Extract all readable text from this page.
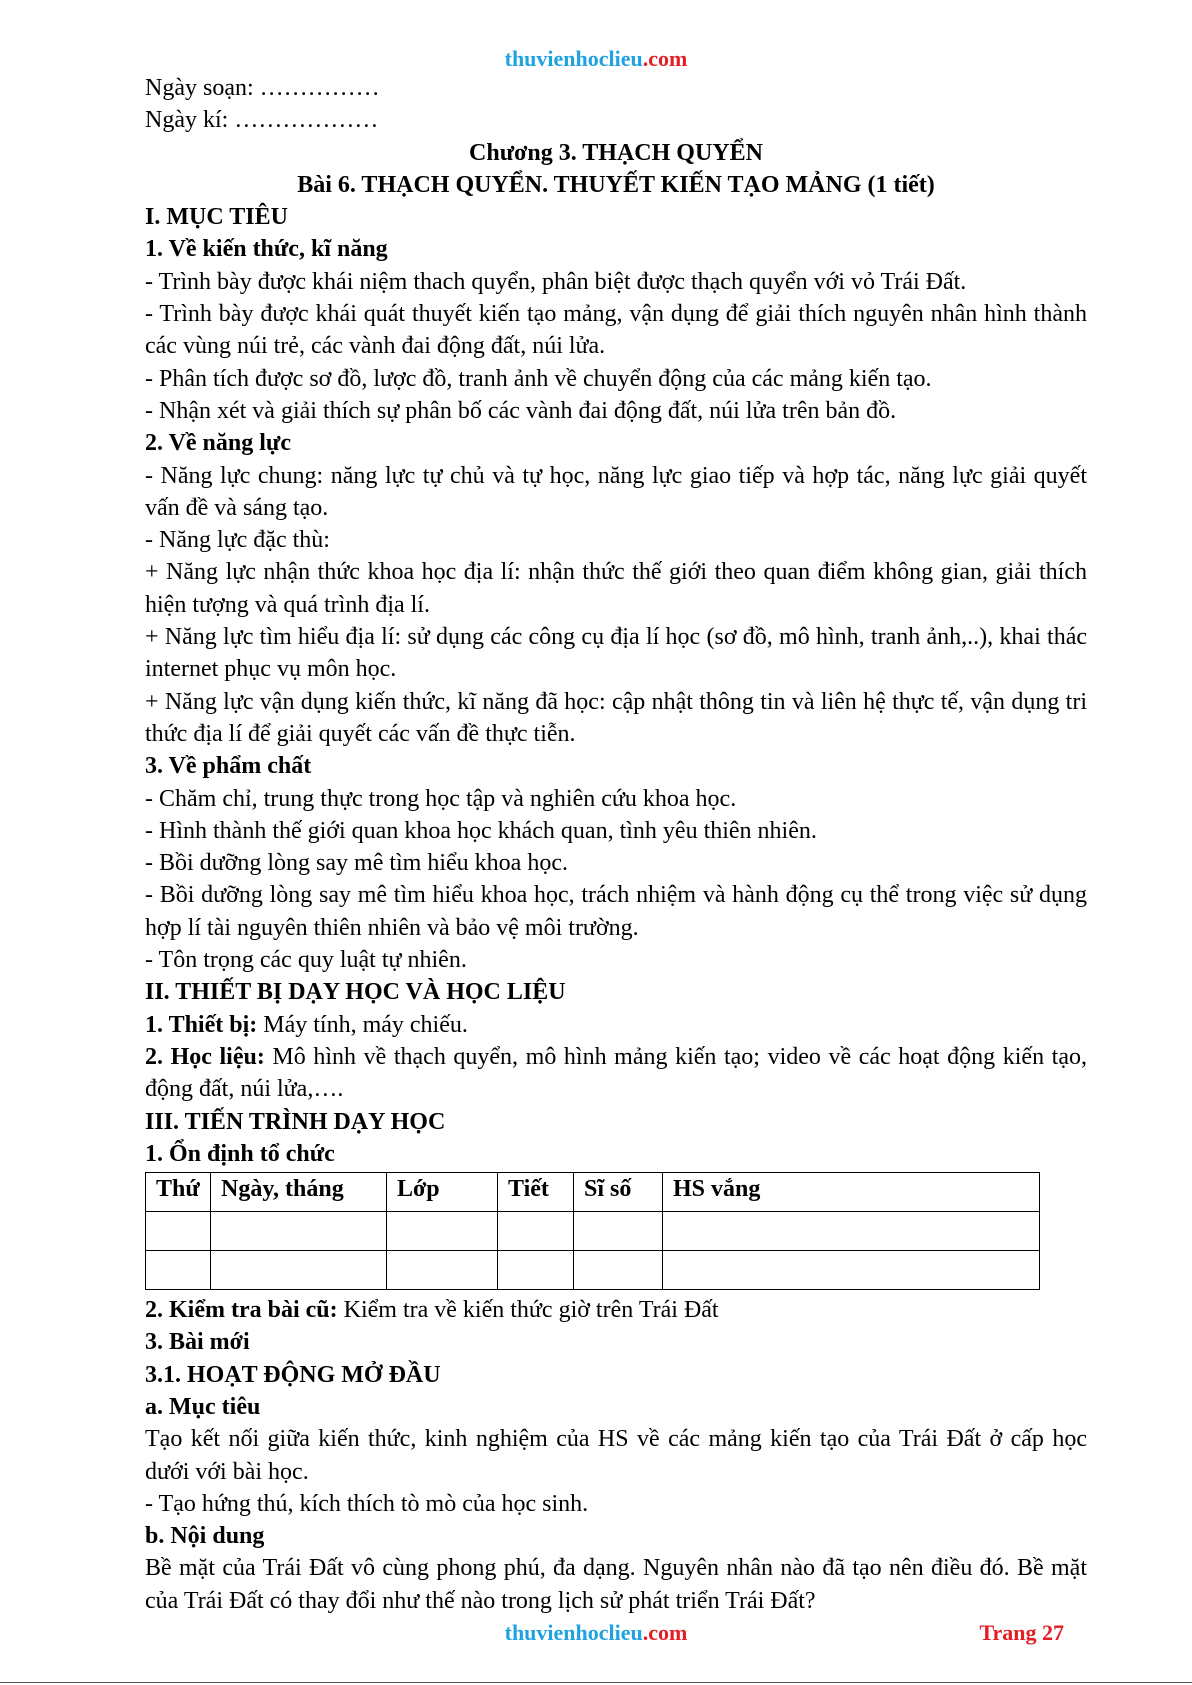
thuvienhoclieu.com

Ngày soạn: ……………

Ngày kí: ………………

Chương 3. THẠCH QUYỂN

Bài 6. THẠCH QUYỂN. THUYẾT KIẾN TẠO MẢNG (1 tiết)

I. MỤC TIÊU

1. Về kiến thức, kĩ năng

- Trình bày được khái niệm thach quyển, phân biệt được thạch quyển với vỏ Trái Đất.

- Trình bày được khái quát thuyết kiến tạo mảng, vận dụng để giải thích nguyên nhân hình thành các vùng núi trẻ, các vành đai động đất, núi lửa.

- Phân tích được sơ đồ, lược đồ, tranh ảnh về chuyển động của các mảng kiến tạo.

- Nhận xét và giải thích sự phân bố các vành đai động đất, núi lửa trên bản đồ.

2. Về năng lực

- Năng lực chung: năng lực tự chủ và tự học, năng lực giao tiếp và hợp tác, năng lực giải quyết vấn đề và sáng tạo.

- Năng lực đặc thù:

+ Năng lực nhận thức khoa học địa lí: nhận thức thế giới theo quan điểm không gian, giải thích hiện tượng và quá trình địa lí.

+ Năng lực tìm hiểu địa lí: sử dụng các công cụ địa lí học (sơ đồ, mô hình, tranh ảnh,..), khai thác internet phục vụ môn học.

+ Năng lực vận dụng kiến thức, kĩ năng đã học: cập nhật thông tin và liên hệ thực tế, vận dụng tri thức địa lí để giải quyết các vấn đề thực tiễn.

3. Về phẩm chất

- Chăm chỉ, trung thực trong học tập và nghiên cứu khoa học.

- Hình thành thế giới quan khoa học khách quan, tình yêu thiên nhiên.

- Bồi dưỡng lòng say mê tìm hiểu khoa học.

- Bồi dưỡng lòng say mê tìm hiểu khoa học, trách nhiệm và hành động cụ thể trong việc sử dụng hợp lí tài nguyên thiên nhiên và bảo vệ môi trường.

- Tôn trọng các quy luật tự nhiên.

II. THIẾT BỊ DẠY HỌC VÀ HỌC LIỆU

1. Thiết bị: Máy tính, máy chiếu.

2. Học liệu: Mô hình về thạch quyển, mô hình mảng kiến tạo; video về các hoạt động kiến tạo, động đất, núi lửa,….

III. TIẾN TRÌNH DẠY HỌC

1. Ổn định tổ chức

Thứ	Ngày, tháng	Lớp	Tiết	Sĩ số	HS vắng

2. Kiểm tra bài cũ: Kiểm tra về kiến thức giờ trên Trái Đất

3. Bài mới

3.1. HOẠT ĐỘNG MỞ ĐẦU

a. Mục tiêu

Tạo kết nối giữa kiến thức, kinh nghiệm của HS về các mảng kiến tạo của Trái Đất ở cấp học dưới với bài học.

- Tạo hứng thú, kích thích tò mò của học sinh.

b. Nội dung

Bề mặt của Trái Đất vô cùng phong phú, đa dạng. Nguyên nhân nào đã tạo nên điều đó. Bề mặt của Trái Đất có thay đổi như thế nào trong lịch sử phát triển Trái Đất?

thuvienhoclieu.com	Trang 27
